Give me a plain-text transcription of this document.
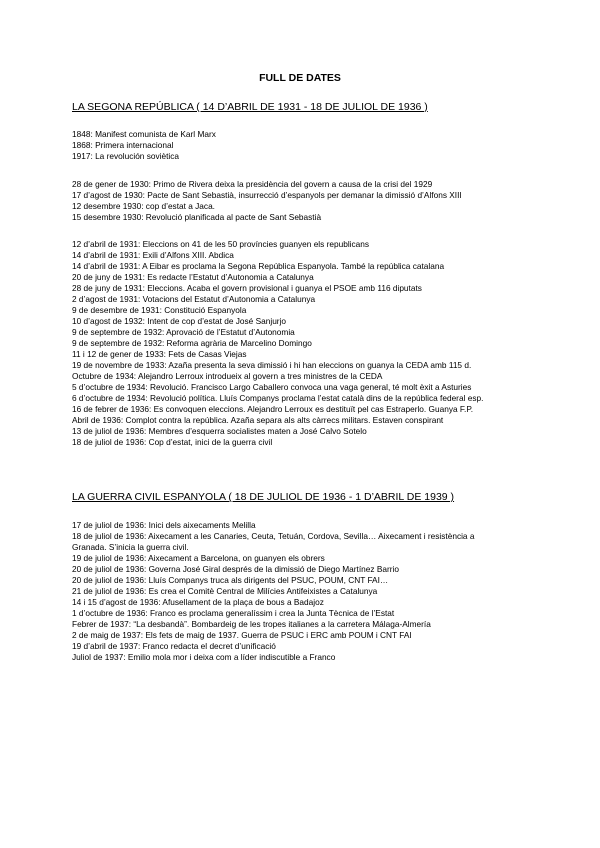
FULL DE DATES
LA SEGONA REPÚBLICA ( 14 D’ABRIL DE 1931 - 18 DE JULIOL DE 1936 )
1848: Manifest comunista de Karl Marx
1868: Primera internacional
1917: La revolución soviètica
28 de gener de 1930: Primo de Rivera deixa la presidència del govern a causa de la crisi del 1929
17 d’agost de 1930: Pacte de Sant Sebastià, insurrecció d’espanyols per demanar la dimissió d’Alfons XIII
12 desembre 1930: cop d’estat a Jaca.
15 desembre 1930: Revolució planificada al pacte de Sant Sebastià
12 d’abril de 1931: Eleccions on 41 de les 50 províncies guanyen els republicans
14 d’abril de 1931: Exili d’Alfons XIII. Abdica
14 d’abril de 1931: A Eibar es proclama la Segona República Espanyola. També la república catalana
20 de juny de 1931: Es redacte l’Estatut d’Autonomia a Catalunya
28 de juny de 1931: Eleccions. Acaba el govern provisional i guanya el PSOE amb 116 diputats
2 d’agost de 1931: Votacions del Estatut d’Autonomia a Catalunya
9 de desembre de 1931: Constitució Espanyola
10 d’agost de 1932: Intent de cop d’estat de José Sanjurjo
9 de septembre de 1932: Aprovació de l’Estatut d’Autonomia
9 de septembre de 1932: Reforma agrària de Marcelino Domingo
11 i 12 de gener de 1933: Fets de Casas Viejas
19 de novembre de 1933: Azaña presenta la seva dimissió i hi han eleccions on guanya la CEDA amb 115 d.
Octubre de 1934: Alejandro Lerroux introdueix al govern a tres ministres de la CEDA
5 d’octubre de 1934: Revolució. Francisco Largo Caballero convoca una vaga general, té molt èxit a Asturies
6 d’octubre de 1934: Revolució política. Lluís Companys proclama l’estat català dins de la república federal esp.
16 de febrer de 1936: Es convoquen eleccions. Alejandro Lerroux es destituït pel cas Estraperlo. Guanya F.P.
Abril de 1936: Complot contra la república. Azaña separa als alts càrrecs militars. Estaven conspirant
13 de juliol de 1936: Membres d’esquerra socialistes maten a José Calvo Sotelo
18 de juliol de 1936: Cop d’estat, inici de la guerra civil
LA GUERRA CIVIL ESPANYOLA ( 18 DE JULIOL DE 1936 - 1 D’ABRIL DE 1939 )
17 de juliol de 1936: Inici dels aixecaments Melilla
18 de juliol de 1936: Aixecament a les Canaries, Ceuta, Tetuán, Cordova, Sevilla… Aixecament i resistència a
Granada. S’inicia la guerra civil.
19 de juliol de 1936: Aixecament a Barcelona, on guanyen els obrers
20 de juliol de 1936: Governa José Giral després de la dimissió de Diego Martínez Barrio
20 de juliol de 1936: Lluís Companys truca als dirigents del PSUC, POUM, CNT FAI…
21 de juliol de 1936: Es crea el Comitè Central de Milícies Antifeixistes a Catalunya
14 i 15 d’agost de 1936: Afusellament de la plaça de bous a Badajoz
1 d’octubre de 1936: Franco es proclama generalíssim i crea la Junta Tècnica de l’Estat
Febrer de 1937: “La desbandà”. Bombardeig de les tropes italianes a la carretera Málaga-Almería
2 de maig de 1937: Els fets de maig de 1937. Guerra de PSUC i ERC amb POUM i CNT FAI
19 d’abril de 1937: Franco redacta el decret d’unificació
Juliol de 1937: Emilio mola mor i deixa com a líder indiscutible a Franco
